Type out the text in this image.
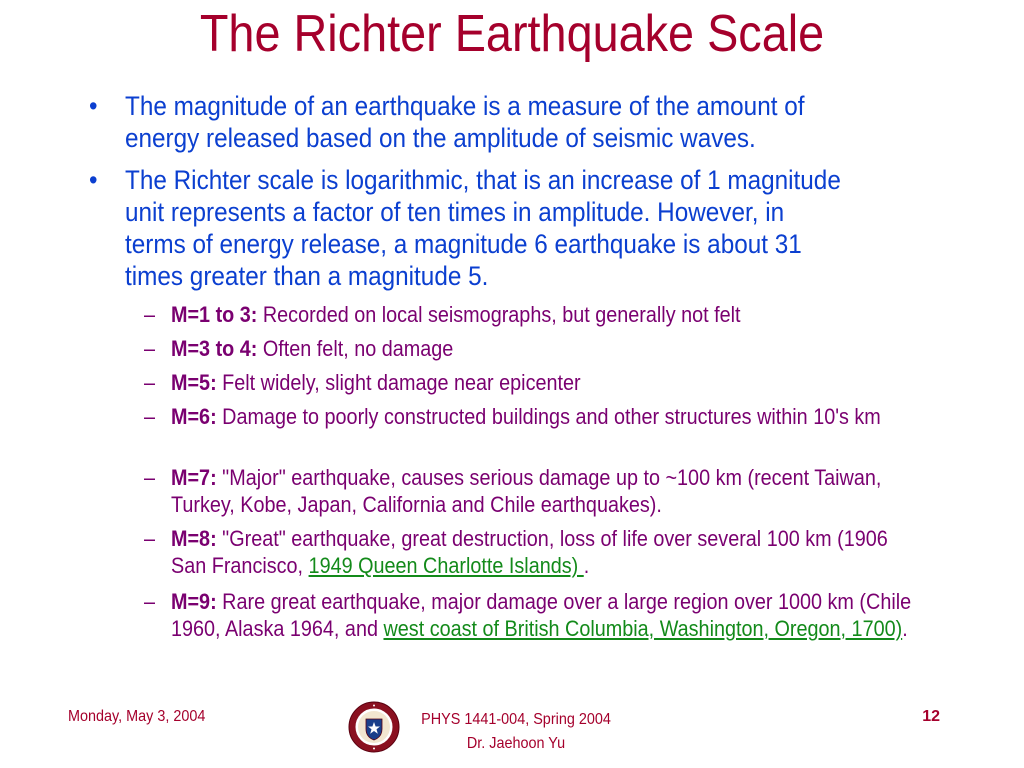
The Richter Earthquake Scale
• The magnitude of an earthquake is a measure of the amount of energy released based on the amplitude of seismic waves.
• The Richter scale is logarithmic, that is an increase of 1 magnitude unit represents a factor of ten times in amplitude. However, in terms of energy release, a magnitude 6 earthquake is about 31 times greater than a magnitude 5.
– M=1 to 3: Recorded on local seismographs, but generally not felt
– M=3 to 4: Often felt, no damage
– M=5: Felt widely, slight damage near epicenter
– M=6: Damage to poorly constructed buildings and other structures within 10's km
– M=7: "Major" earthquake, causes serious damage up to ~100 km (recent Taiwan, Turkey, Kobe, Japan, California and Chile earthquakes).
– M=8: "Great" earthquake, great destruction, loss of life over several 100 km (1906 San Francisco, 1949 Queen Charlotte Islands) .
– M=9: Rare great earthquake, major damage over a large region over 1000 km (Chile 1960, Alaska 1964, and west coast of British Columbia, Washington, Oregon, 1700).
Monday, May 3, 2004	PHYS 1441-004, Spring 2004
Dr. Jaehoon Yu
12
